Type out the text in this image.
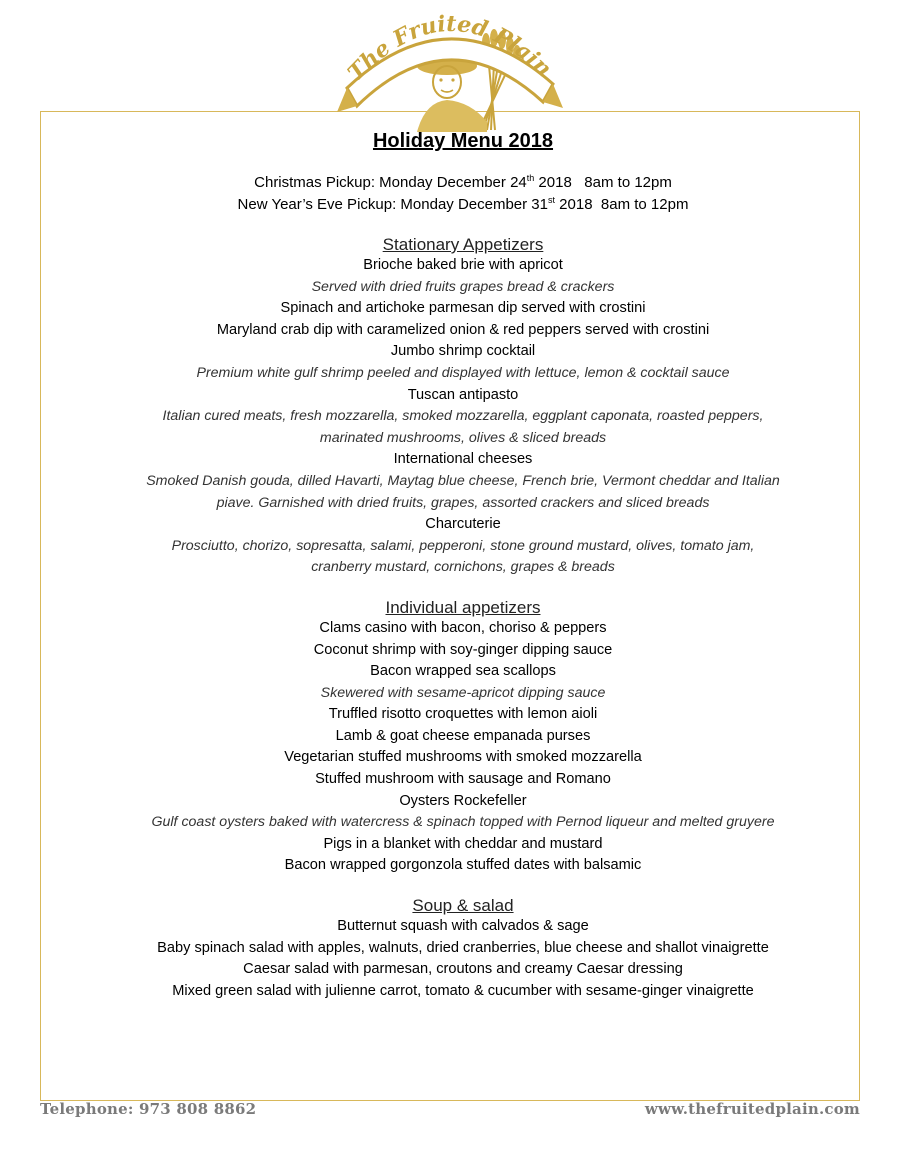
The Fruited Plain
Holiday Menu 2018

Christmas Pickup: Monday December 24th 2018   8am to 12pm

New Year’s Eve Pickup: Monday December 31st 2018  8am to 12pm

Stationary Appetizers

Brioche baked brie with apricot

Served with dried fruits grapes bread & crackers

Spinach and artichoke parmesan dip served with crostini

Maryland crab dip with caramelized onion & red peppers served with crostini

Jumbo shrimp cocktail

Premium white gulf shrimp peeled and displayed with lettuce, lemon & cocktail sauce

Tuscan antipasto

Italian cured meats, fresh mozzarella, smoked mozzarella, eggplant caponata, roasted peppers,

marinated mushrooms, olives & sliced breads

International cheeses

Smoked Danish gouda, dilled Havarti, Maytag blue cheese, French brie, Vermont cheddar and Italian

piave. Garnished with dried fruits, grapes, assorted crackers and sliced breads

Charcuterie

Prosciutto, chorizo, sopresatta, salami, pepperoni, stone ground mustard, olives, tomato jam,

cranberry mustard, cornichons, grapes & breads

Individual appetizers

Clams casino with bacon, choriso & peppers

Coconut shrimp with soy-ginger dipping sauce

Bacon wrapped sea scallops

Skewered with sesame-apricot dipping sauce

Truffled risotto croquettes with lemon aioli

Lamb & goat cheese empanada purses

Vegetarian stuffed mushrooms with smoked mozzarella

Stuffed mushroom with sausage and Romano

Oysters Rockefeller

Gulf coast oysters baked with watercress & spinach topped with Pernod liqueur and melted gruyere

Pigs in a blanket with cheddar and mustard

Bacon wrapped gorgonzola stuffed dates with balsamic

Soup & salad

Butternut squash with calvados & sage

Baby spinach salad with apples, walnuts, dried cranberries, blue cheese and shallot vinaigrette

Caesar salad with parmesan, croutons and creamy Caesar dressing

Mixed green salad with julienne carrot, tomato & cucumber with sesame-ginger vinaigrette

Telephone: 973 808 8862	www.thefruitedplain.com
